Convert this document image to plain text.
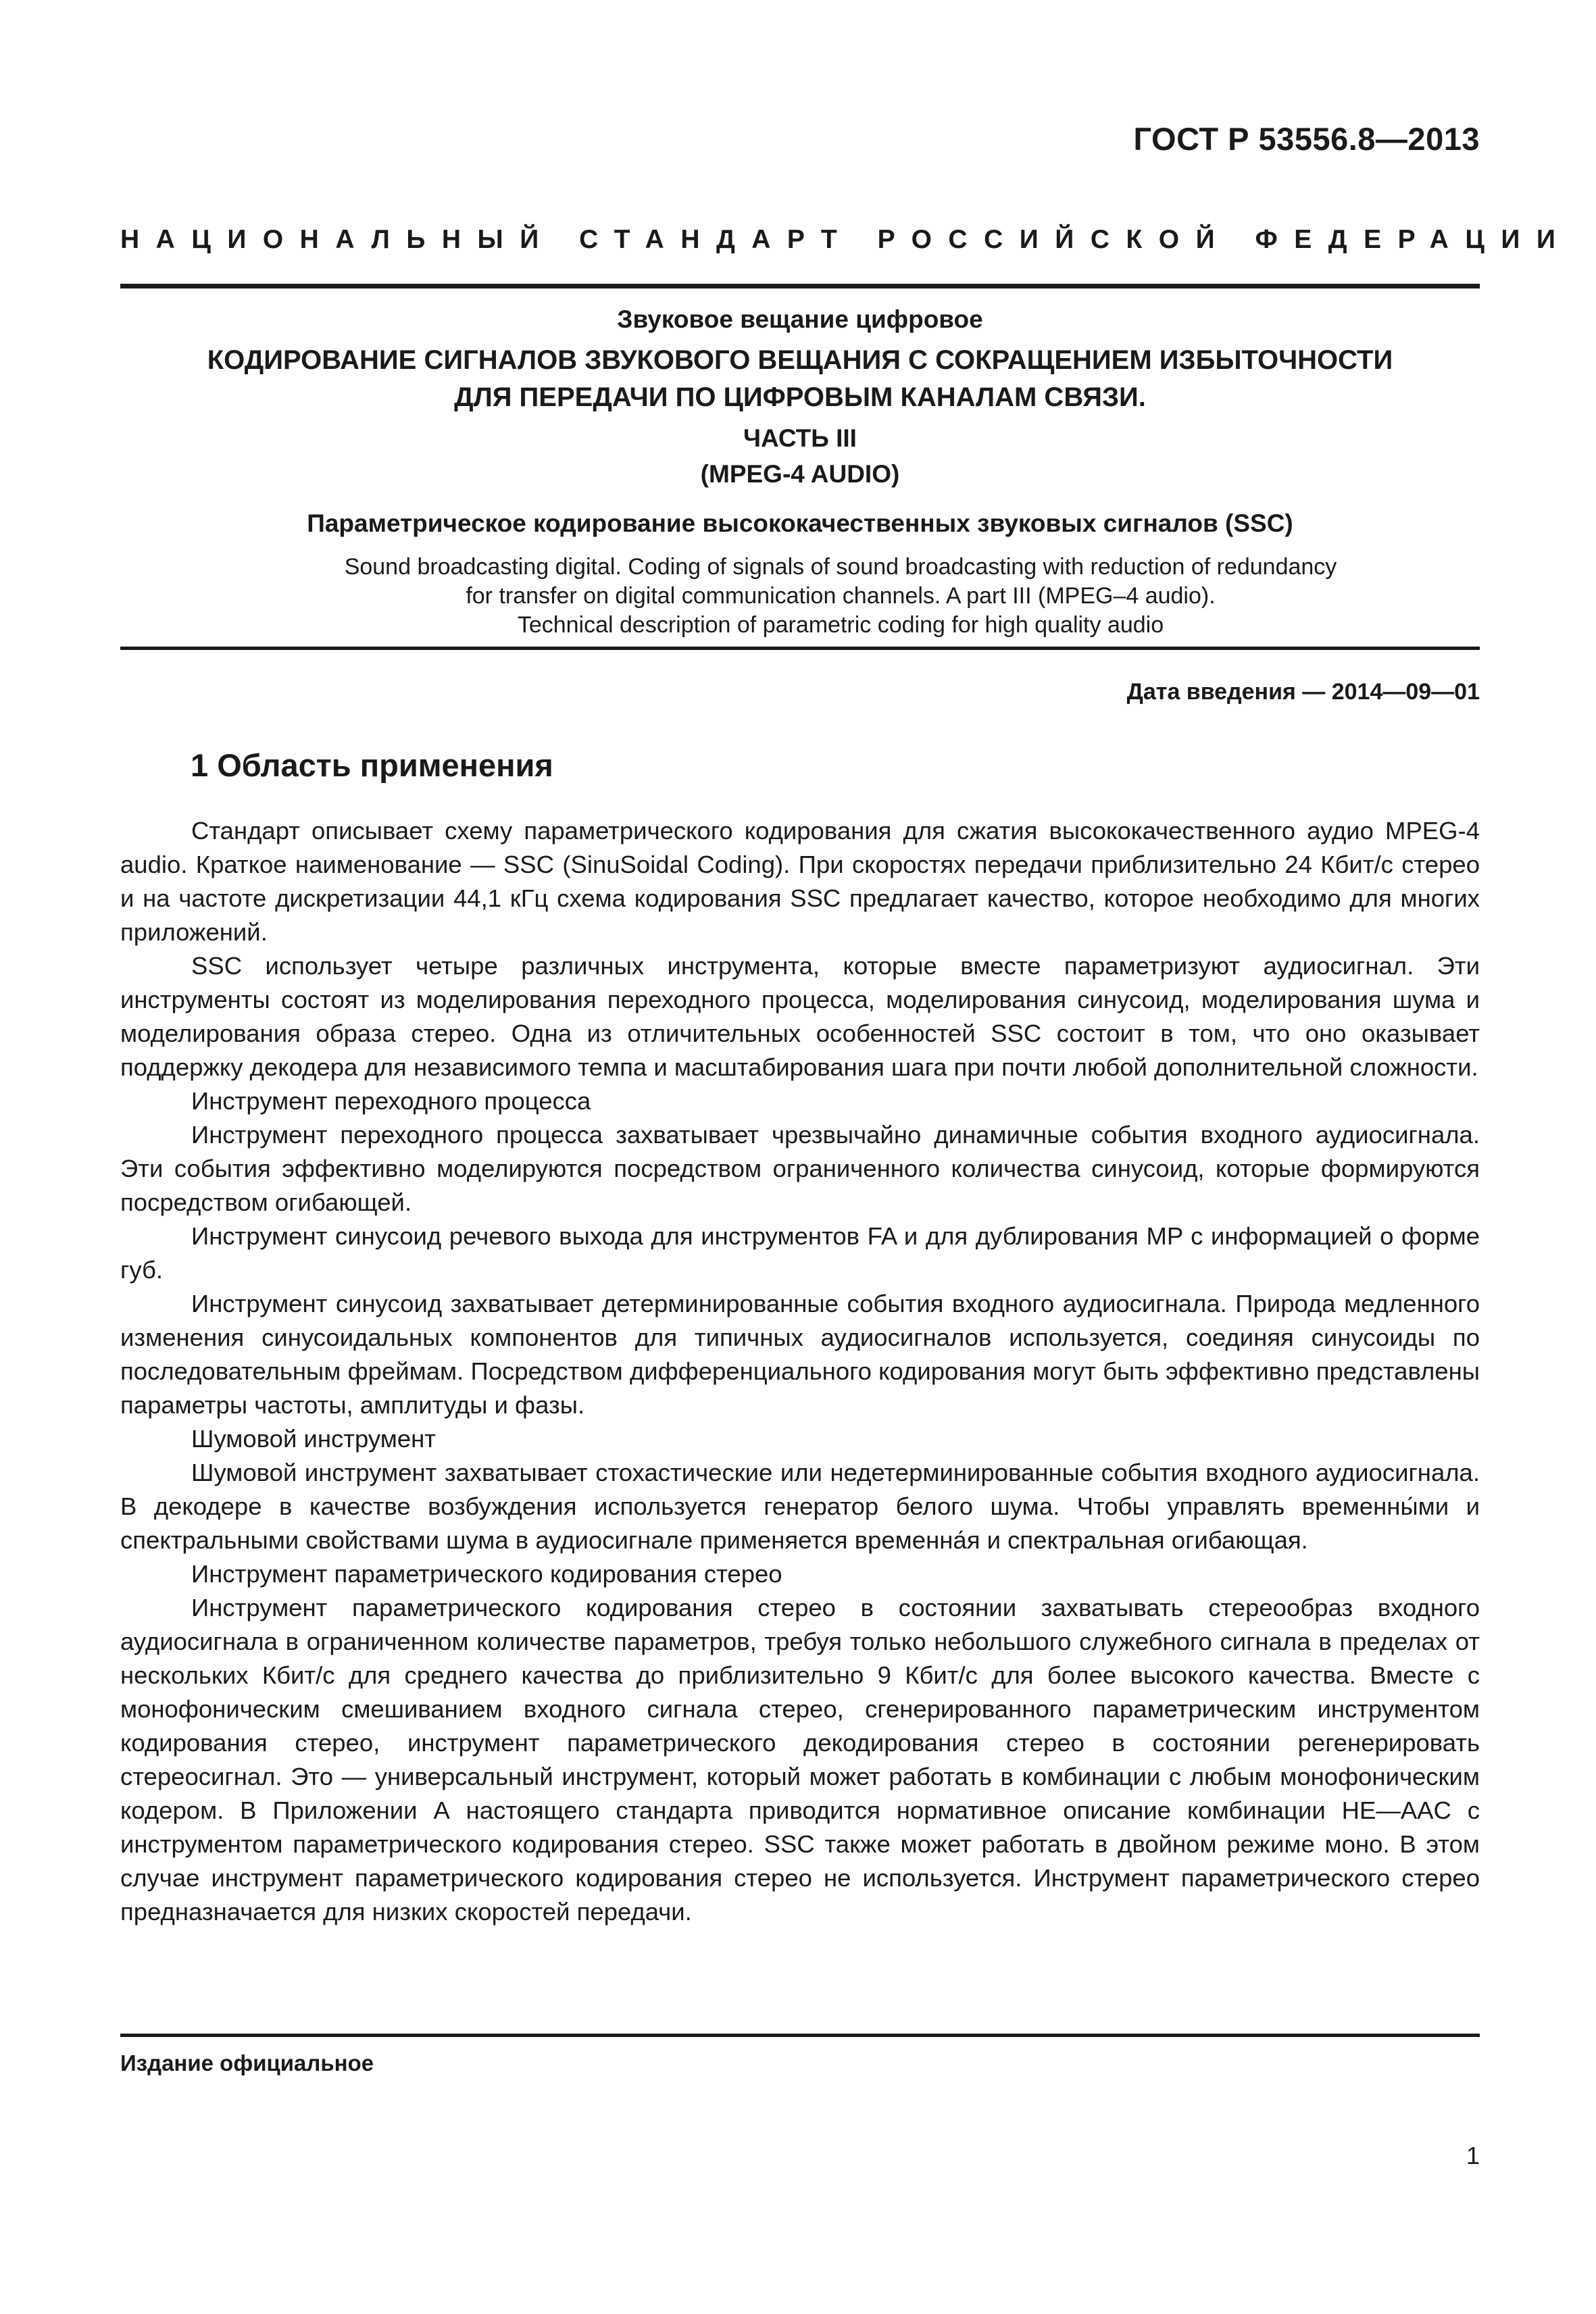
ГОСТ Р 53556.8—2013
НАЦИОНАЛЬНЫЙ СТАНДАРТ РОССИЙСКОЙ ФЕДЕРАЦИИ
Звуковое вещание цифровое
КОДИРОВАНИЕ СИГНАЛОВ ЗВУКОВОГО ВЕЩАНИЯ С СОКРАЩЕНИЕМ ИЗБЫТОЧНОСТИ
ДЛЯ ПЕРЕДАЧИ ПО ЦИФРОВЫМ КАНАЛАМ СВЯЗИ.
ЧАСТЬ III
(MPEG-4 AUDIO)
Параметрическое кодирование высококачественных звуковых сигналов (SSC)
Sound broadcasting digital. Coding of signals of sound broadcasting with reduction of redundancy
for transfer on digital communication channels. A part III (MPEG–4 audio).
Technical description of parametric coding for high quality audio
Дата введения — 2014—09—01
1 Область применения

Стандарт описывает схему параметрического кодирования для сжатия высококачественного аудио MPEG-4 audio. Краткое наименование — SSC (SinuSoidal Coding). При скоростях передачи приблизительно 24 Кбит/с стерео и на частоте дискретизации 44,1 кГц схема кодирования SSC предлагает качество, которое необходимо для многих приложений.

SSC использует четыре различных инструмента, которые вместе параметризуют аудиосигнал. Эти инструменты состоят из моделирования переходного процесса, моделирования синусоид, моделирования шума и моделирования образа стерео. Одна из отличительных особенностей SSC состоит в том, что оно оказывает поддержку декодера для независимого темпа и масштабирования шага при почти любой дополнительной сложности.

Инструмент переходного процесса

Инструмент переходного процесса захватывает чрезвычайно динамичные события входного аудиосигнала. Эти события эффективно моделируются посредством ограниченного количества синусоид, которые формируются посредством огибающей.

Инструмент синусоид речевого выхода для инструментов FA и для дублирования MP с информацией о форме губ.

Инструмент синусоид захватывает детерминированные события входного аудиосигнала. Природа медленного изменения синусоидальных компонентов для типичных аудиосигналов используется, соединяя синусоиды по последовательным фреймам. Посредством дифференциального кодирования могут быть эффективно представлены параметры частоты, амплитуды и фазы.

Шумовой инструмент

Шумовой инструмент захватывает стохастические или недетерминированные события входного аудиосигнала. В декодере в качестве возбуждения используется генератор белого шума. Чтобы управлять временны́ми и спектральными свойствами шума в аудиосигнале применяется временна́я и спектральная огибающая.

Инструмент параметрического кодирования стерео

Инструмент параметрического кодирования стерео в состоянии захватывать стереообраз входного аудиосигнала в ограниченном количестве параметров, требуя только небольшого служебного сигнала в пределах от нескольких Кбит/с для среднего качества до приблизительно 9 Кбит/с для более высокого качества. Вместе с монофоническим смешиванием входного сигнала стерео, сгенерированного параметрическим инструментом кодирования стерео, инструмент параметрического декодирования стерео в состоянии регенерировать стереосигнал. Это — универсальный инструмент, который может работать в комбинации с любым монофоническим кодером. В Приложении А настоящего стандарта приводится нормативное описание комбинации HE—AAC с инструментом параметрического кодирования стерео. SSC также может работать в двойном режиме моно. В этом случае инструмент параметрического кодирования стерео не используется. Инструмент параметрического стерео предназначается для низких скоростей передачи.

Издание официальное
1
